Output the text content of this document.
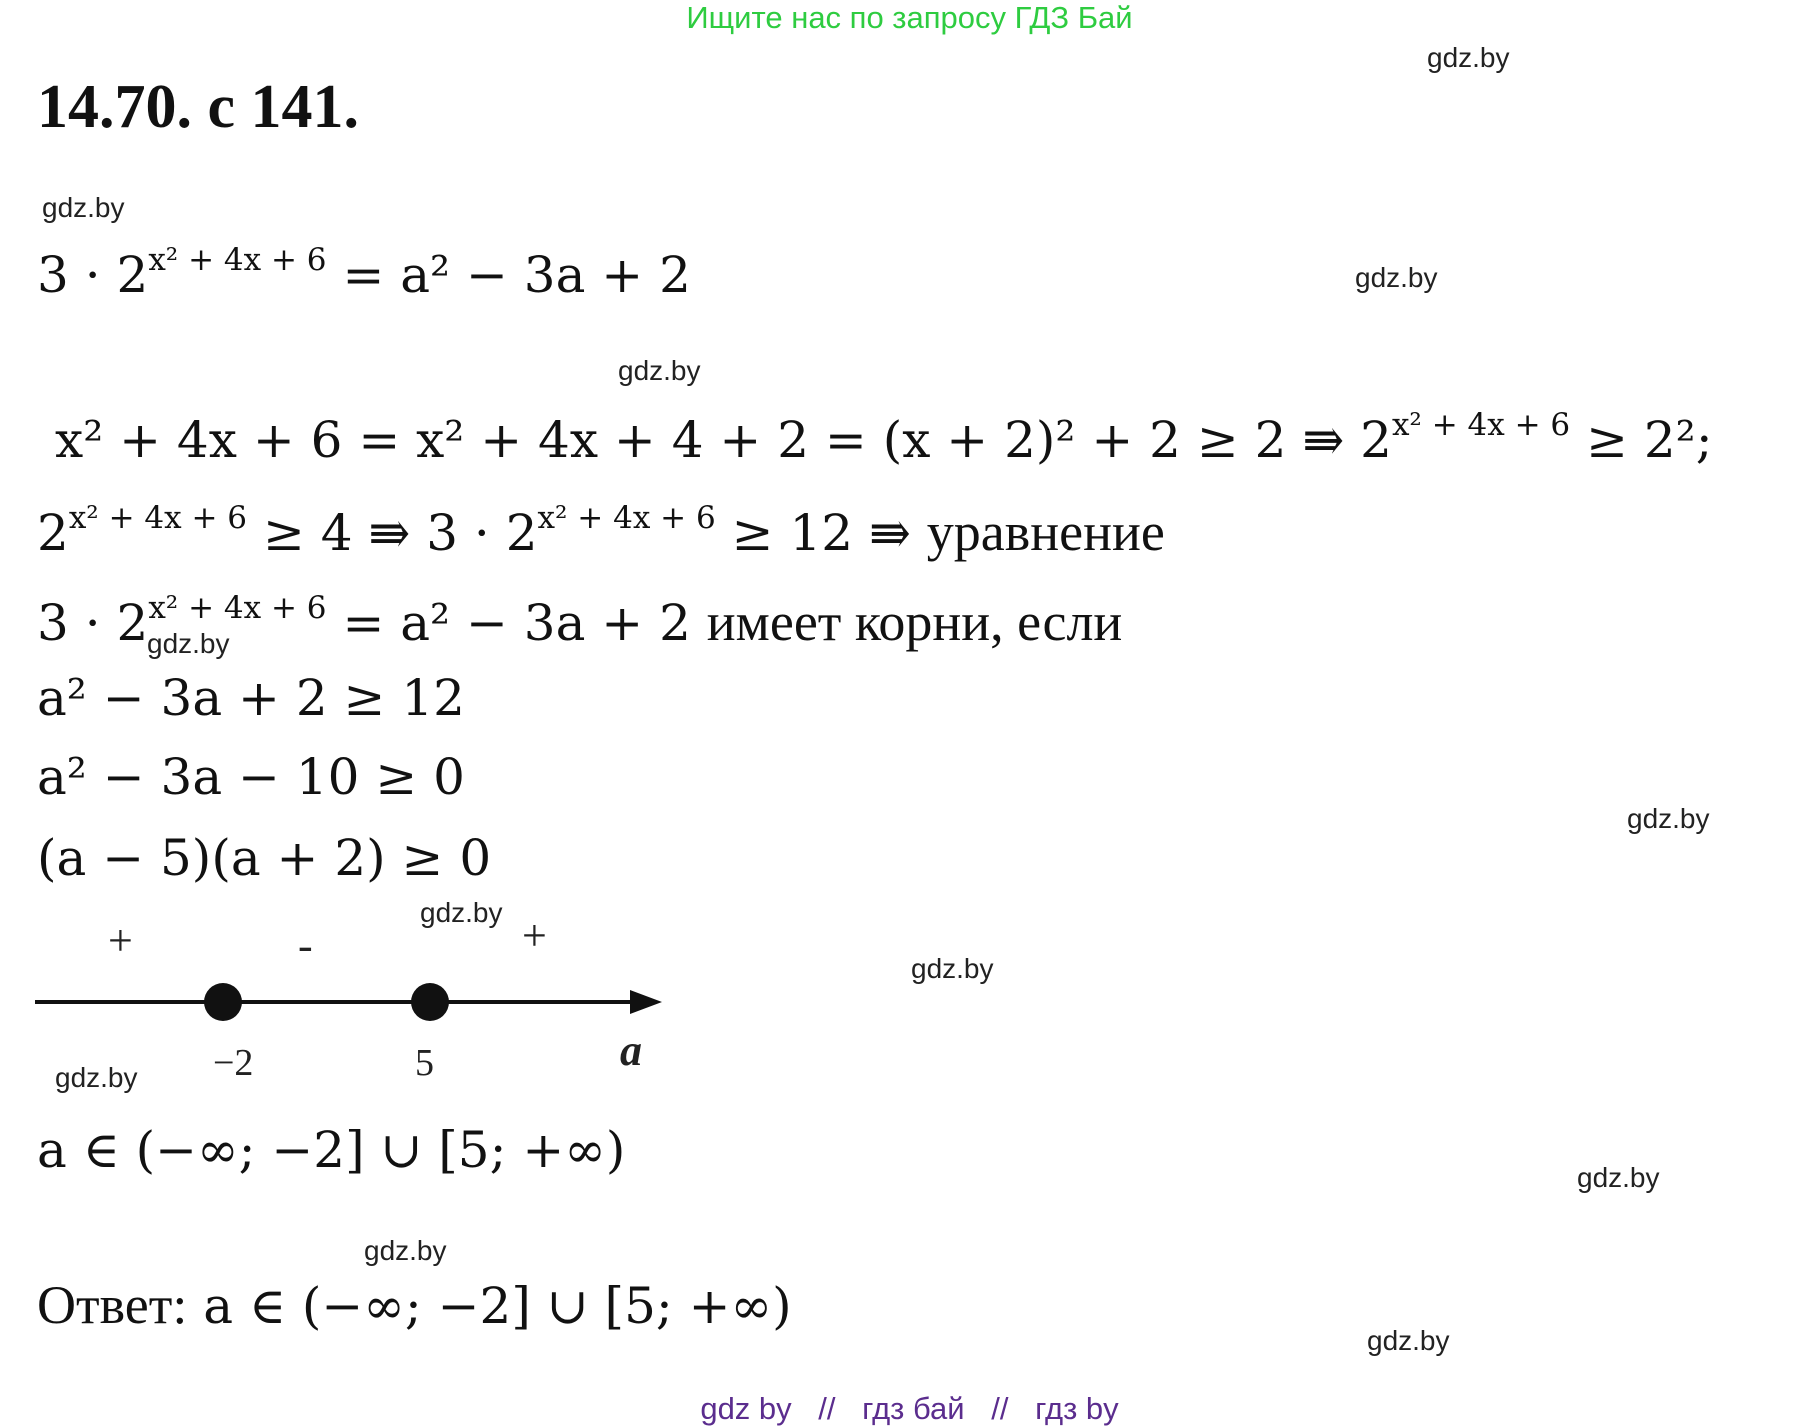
Ищите нас по запросу ГДЗ Бай
14.70. с 141.
gdz.by
gdz.by
gdz.by
gdz.by
gdz.by
gdz.by
gdz.by
gdz.by
gdz.by
gdz.by
gdz.by
gdz.by
$3 \cdot 2^{x^2 + 4x + 6} = a^2 - 3a + 2$
x² + 4x + 6 = x² + 4x + 4 + 2 = (x + 2)² + 2 ≥ 2 ⇛ $2^{x^2 + 4x + 6} \ge 2^2$;
$2^{x^2 + 4x + 6} \ge 4$ ⇛ $3 \cdot 2^{x^2 + 4x + 6} \ge 12$ ⇛ уравнение
$3 \cdot 2^{x^2 + 4x + 6} = a^2 - 3a + 2$ имеет корни, если
a² − 3a + 2 ≥ 12
a² − 3a − 10 ≥ 0
(a − 5)(a + 2) ≥ 0
+	-	+
−2	5	a
a ∈ (−∞; −2] ∪ [5; +∞)
Ответ: a ∈ (−∞; −2] ∪ [5; +∞)
gdz by // гдз бай // гдз by
